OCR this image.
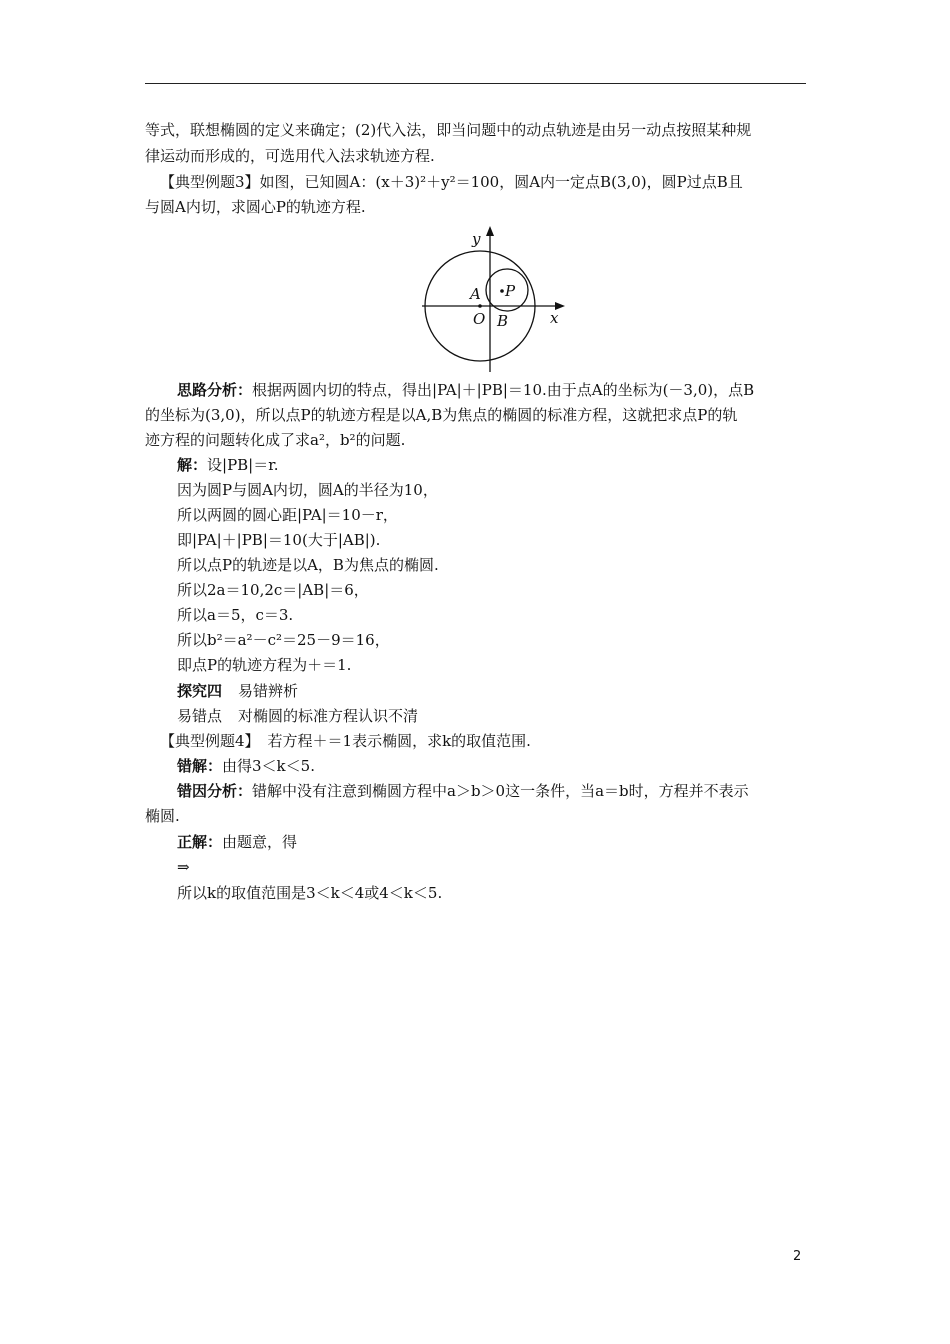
等式，联想椭圆的定义来确定；(2)代入法，即当问题中的动点轨迹是由另一动点按照某种规
律运动而形成的，可选用代入法求轨迹方程.
【典型例题3】如图，已知圆A：(x＋3)²＋y²＝100，圆A内一定点B(3,0)，圆P过点B且
与圆A内切，求圆心P的轨迹方程.
y
x
A P
O B
思路分析：根据两圆内切的特点，得出|PA|＋|PB|＝10.由于点A的坐标为(－3,0)，点B
的坐标为(3,0)，所以点P的轨迹方程是以A,B为焦点的椭圆的标准方程，这就把求点P的轨
迹方程的问题转化成了求a²，b²的问题.
解：设|PB|＝r.
因为圆P与圆A内切，圆A的半径为10，
所以两圆的圆心距|PA|＝10－r，
即|PA|＋|PB|＝10(大于|AB|).
所以点P的轨迹是以A，B为焦点的椭圆.
所以2a＝10,2c＝|AB|＝6，
所以a＝5，c＝3.
所以b²＝a²－c²＝25－9＝16，
即点P的轨迹方程为＋＝1.
探究四 易错辨析
易错点 对椭圆的标准方程认识不清
【典型例题4】 若方程＋＝1表示椭圆，求k的取值范围.
错解：由得3＜k＜5.
错因分析：错解中没有注意到椭圆方程中a＞b＞0这一条件，当a＝b时，方程并不表示
椭圆.
正解：由题意，得
⇒
所以k的取值范围是3＜k＜4或4＜k＜5.
2
